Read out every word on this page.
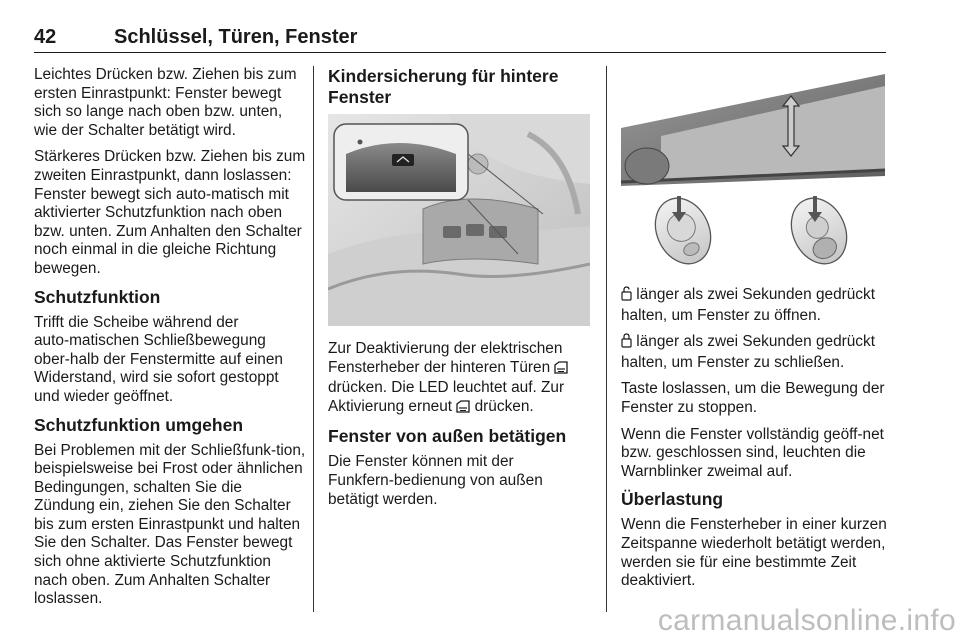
42	Schlüssel, Türen, Fenster

Leichtes Drücken bzw. Ziehen bis zum ersten Einrastpunkt: Fenster bewegt sich so lange nach oben bzw. unten, wie der Schalter betätigt wird.

Stärkeres Drücken bzw. Ziehen bis zum zweiten Einrastpunkt, dann loslassen: Fenster bewegt sich auto‑matisch mit aktivierter Schutzfunktion nach oben bzw. unten. Zum Anhalten den Schalter noch einmal in die gleiche Richtung bewegen.

Schutzfunktion

Trifft die Scheibe während der auto‑matischen Schließbewegung ober‑halb der Fenstermitte auf einen Widerstand, wird sie sofort gestoppt und wieder geöffnet.

Schutzfunktion umgehen

Bei Problemen mit der Schließfunk‑tion, beispielsweise bei Frost oder ähnlichen Bedingungen, schalten Sie die Zündung ein, ziehen Sie den Schalter bis zum ersten Einrastpunkt und halten Sie den Schalter. Das Fenster bewegt sich ohne aktivierte Schutzfunktion nach oben. Zum Anhalten Schalter loslassen.

Kindersicherung für hintere Fenster

Zur Deaktivierung der elektrischen Fensterheber der hinteren Türen  drücken. Die LED leuchtet auf. Zur Aktivierung erneut drücken.

Fenster von außen betätigen

Die Fenster können mit der Funkfern‑bedienung von außen betätigt werden.

länger als zwei Sekunden gedrückt halten, um Fenster zu öffnen.

länger als zwei Sekunden gedrückt halten, um Fenster zu schließen.

Taste loslassen, um die Bewegung der Fenster zu stoppen.

Wenn die Fenster vollständig geöff‑net bzw. geschlossen sind, leuchten die Warnblinker zweimal auf.

Überlastung

Wenn die Fensterheber in einer kurzen Zeitspanne wiederholt betätigt werden, werden sie für eine bestimmte Zeit deaktiviert.

carmanualsonline.info
